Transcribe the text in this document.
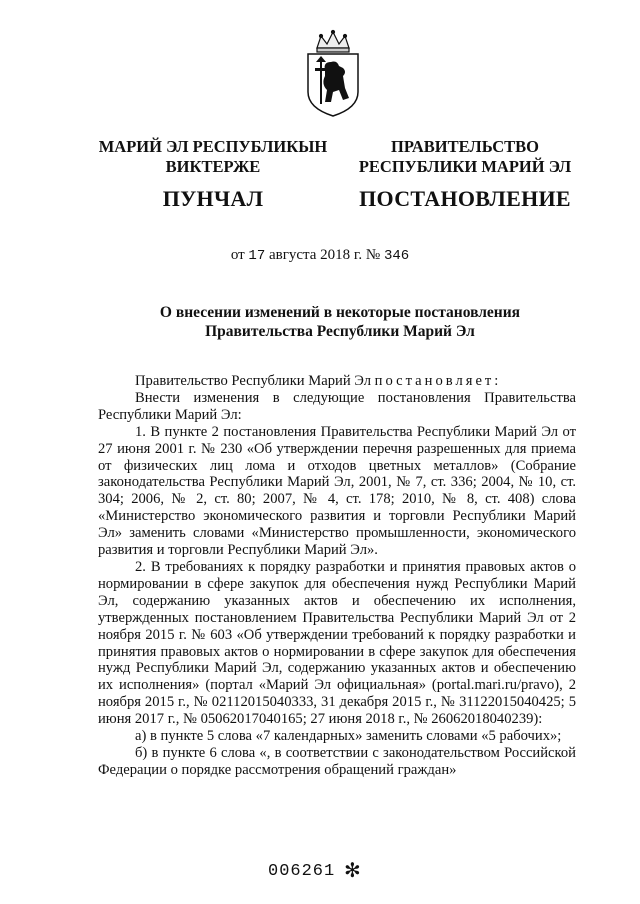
МАРИЙ ЭЛ РЕСПУБЛИКЫН
ВИКТЕРЖЕ
ПУНЧАЛ
ПРАВИТЕЛЬСТВО
РЕСПУБЛИКИ МАРИЙ ЭЛ
ПОСТАНОВЛЕНИЕ
от 17 августа 2018 г. № 346
О внесении изменений в некоторые постановления
Правительства Республики Марий Эл

Правительство Республики Марий Эл постановляет:

Внести изменения в следующие постановления Правительства Республики Марий Эл:

1. В пункте 2 постановления Правительства Республики Марий Эл от 27 июня 2001 г. № 230 «Об утверждении перечня разрешенных для приема от физических лиц лома и отходов цветных металлов» (Собрание законодательства Республики Марий Эл, 2001, № 7, ст. 336; 2004, № 10, ст. 304; 2006, № 2, ст. 80; 2007, № 4, ст. 178; 2010, № 8, ст. 408) слова «Министерство экономического развития и торговли Республики Марий Эл» заменить словами «Министерство промышленности, экономического развития и торговли Республики Марий Эл».

2. В требованиях к порядку разработки и принятия правовых актов о нормировании в сфере закупок для обеспечения нужд Республики Марий Эл, содержанию указанных актов и обеспечению их исполнения, утвержденных постановлением Правительства Республики Марий Эл от 2 ноября 2015 г. № 603 «Об утверждении требований к порядку разработки и принятия правовых актов о нормировании в сфере закупок для обеспечения нужд Республики Марий Эл, содержанию указанных актов и обеспечению их исполнения» (портал «Марий Эл официальная» (portal.mari.ru/pravo), 2 ноября 2015 г., № 02112015040333, 31 декабря 2015 г., № 31122015040425; 5 июня 2017 г., № 05062017040165; 27 июня 2018 г., № 26062018040239):

а) в пункте 5 слова «7 календарных» заменить словами «5 рабочих»;

б) в пункте 6 слова «, в соответствии с законодательством Российской Федерации о порядке рассмотрения обращений граждан»

006261 ✻
